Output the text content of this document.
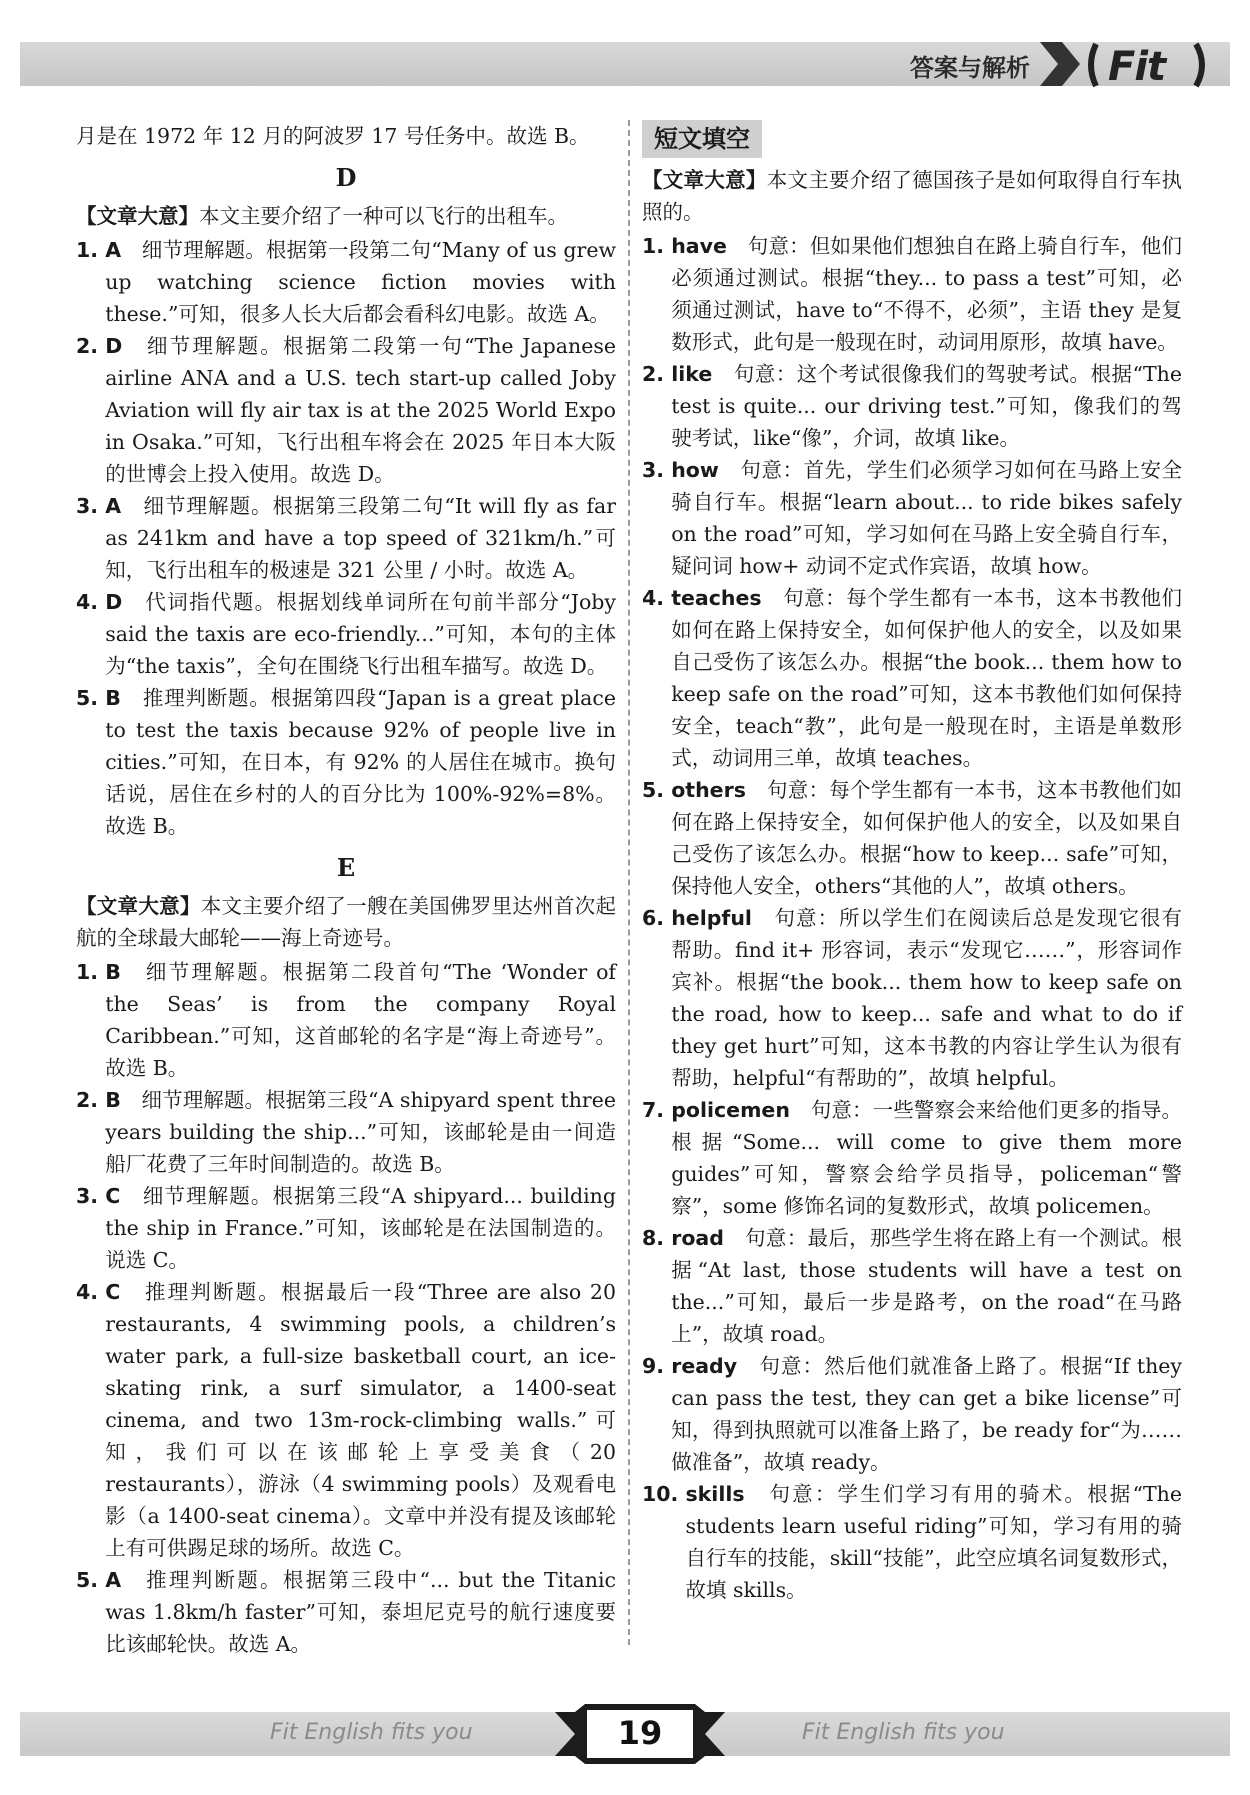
答案与解析 Fit

月是在 1972 年 12 月的阿波罗 17 号任务中。故选 B。

D

【文章大意】本文主要介绍了一种可以飞行的出租车。

1. A　细节理解题。根据第一段第二句“Many of us grew up watching science fiction movies with these.”可知，很多人长大后都会看科幻电影。故选 A。
2. D　细节理解题。根据第二段第一句“The Japanese airline ANA and a U.S. tech start-up called Joby Aviation will fly air tax is at the 2025 World Expo in Osaka.”可知，飞行出租车将会在 2025 年日本大阪的世博会上投入使用。故选 D。
3. A　细节理解题。根据第三段第二句“It will fly as far as 241km and have a top speed of 321km/h.”可知，飞行出租车的极速是 321 公里 / 小时。故选 A。
4. D　代词指代题。根据划线单词所在句前半部分“Joby said the taxis are eco-friendly...”可知，本句的主体为“the taxis”，全句在围绕飞行出租车描写。故选 D。
5. B　推理判断题。根据第四段“Japan is a great place to test the taxis because 92% of people live in cities.”可知，在日本，有 92% 的人居住在城市。换句话说，居住在乡村的人的百分比为 100%-92%=8%。故选 B。
E

【文章大意】本文主要介绍了一艘在美国佛罗里达州首次起航的全球最大邮轮——海上奇迹号。

1. B　细节理解题。根据第二段首句“The ‘Wonder of the Seas’ is from the company Royal Caribbean.”可知，这首邮轮的名字是“海上奇迹号”。故选 B。
2. B　细节理解题。根据第三段“A shipyard spent three years building the ship...”可知，该邮轮是由一间造船厂花费了三年时间制造的。故选 B。
3. C　细节理解题。根据第三段“A shipyard... building the ship in France.”可知，该邮轮是在法国制造的。说选 C。
4. C　推理判断题。根据最后一段“Three are also 20 restaurants, 4 swimming pools, a children’s water park, a full-size basketball court, an ice-skating rink, a surf simulator, a 1400-seat cinema, and two 13m-rock-climbing walls.”可知，我们可以在该邮轮上享受美食（20 restaurants），游泳（4 swimming pools）及观看电影（a 1400-seat cinema）。文章中并没有提及该邮轮上有可供踢足球的场所。故选 C。
5. A　推理判断题。根据第三段中“... but the Titanic was 1.8km/h faster”可知，泰坦尼克号的航行速度要比该邮轮快。故选 A。
短文填空

【文章大意】本文主要介绍了德国孩子是如何取得自行车执照的。

1. have　句意：但如果他们想独自在路上骑自行车，他们必须通过测试。根据“they... to pass a test”可知，必须通过测试，have to“不得不，必须”，主语 they 是复数形式，此句是一般现在时，动词用原形，故填 have。
2. like　句意：这个考试很像我们的驾驶考试。根据“The test is quite... our driving test.”可知，像我们的驾驶考试，like“像”，介词，故填 like。
3. how　句意：首先，学生们必须学习如何在马路上安全骑自行车。根据“learn about... to ride bikes safely on the road”可知，学习如何在马路上安全骑自行车，疑问词 how+ 动词不定式作宾语，故填 how。
4. teaches　句意：每个学生都有一本书，这本书教他们如何在路上保持安全，如何保护他人的安全，以及如果自己受伤了该怎么办。根据“the book... them how to keep safe on the road”可知，这本书教他们如何保持安全，teach“教”，此句是一般现在时，主语是单数形式，动词用三单，故填 teaches。
5. others　句意：每个学生都有一本书，这本书教他们如何在路上保持安全，如何保护他人的安全，以及如果自己受伤了该怎么办。根据“how to keep... safe”可知，保持他人安全，others“其他的人”，故填 others。
6. helpful　句意：所以学生们在阅读后总是发现它很有帮助。find it+ 形容词，表示“发现它……”，形容词作宾补。根据“the book... them how to keep safe on the road, how to keep... safe and what to do if they get hurt”可知，这本书教的内容让学生认为很有帮助，helpful“有帮助的”，故填 helpful。
7. policemen　句意：一些警察会来给他们更多的指导。根据“Some... will come to give them more guides”可知，警察会给学员指导，policeman“警察”，some 修饰名词的复数形式，故填 policemen。
8. road　句意：最后，那些学生将在路上有一个测试。根据“At last, those students will have a test on the...”可知，最后一步是路考，on the road“在马路上”，故填 road。
9. ready　句意：然后他们就准备上路了。根据“If they can pass the test, they can get a bike license”可知，得到执照就可以准备上路了，be ready for“为……做准备”，故填 ready。
10. skills　句意：学生们学习有用的骑术。根据“The students learn useful riding”可知，学习有用的骑自行车的技能，skill“技能”，此空应填名词复数形式，故填 skills。
Fit English fits you	19	Fit English fits you
